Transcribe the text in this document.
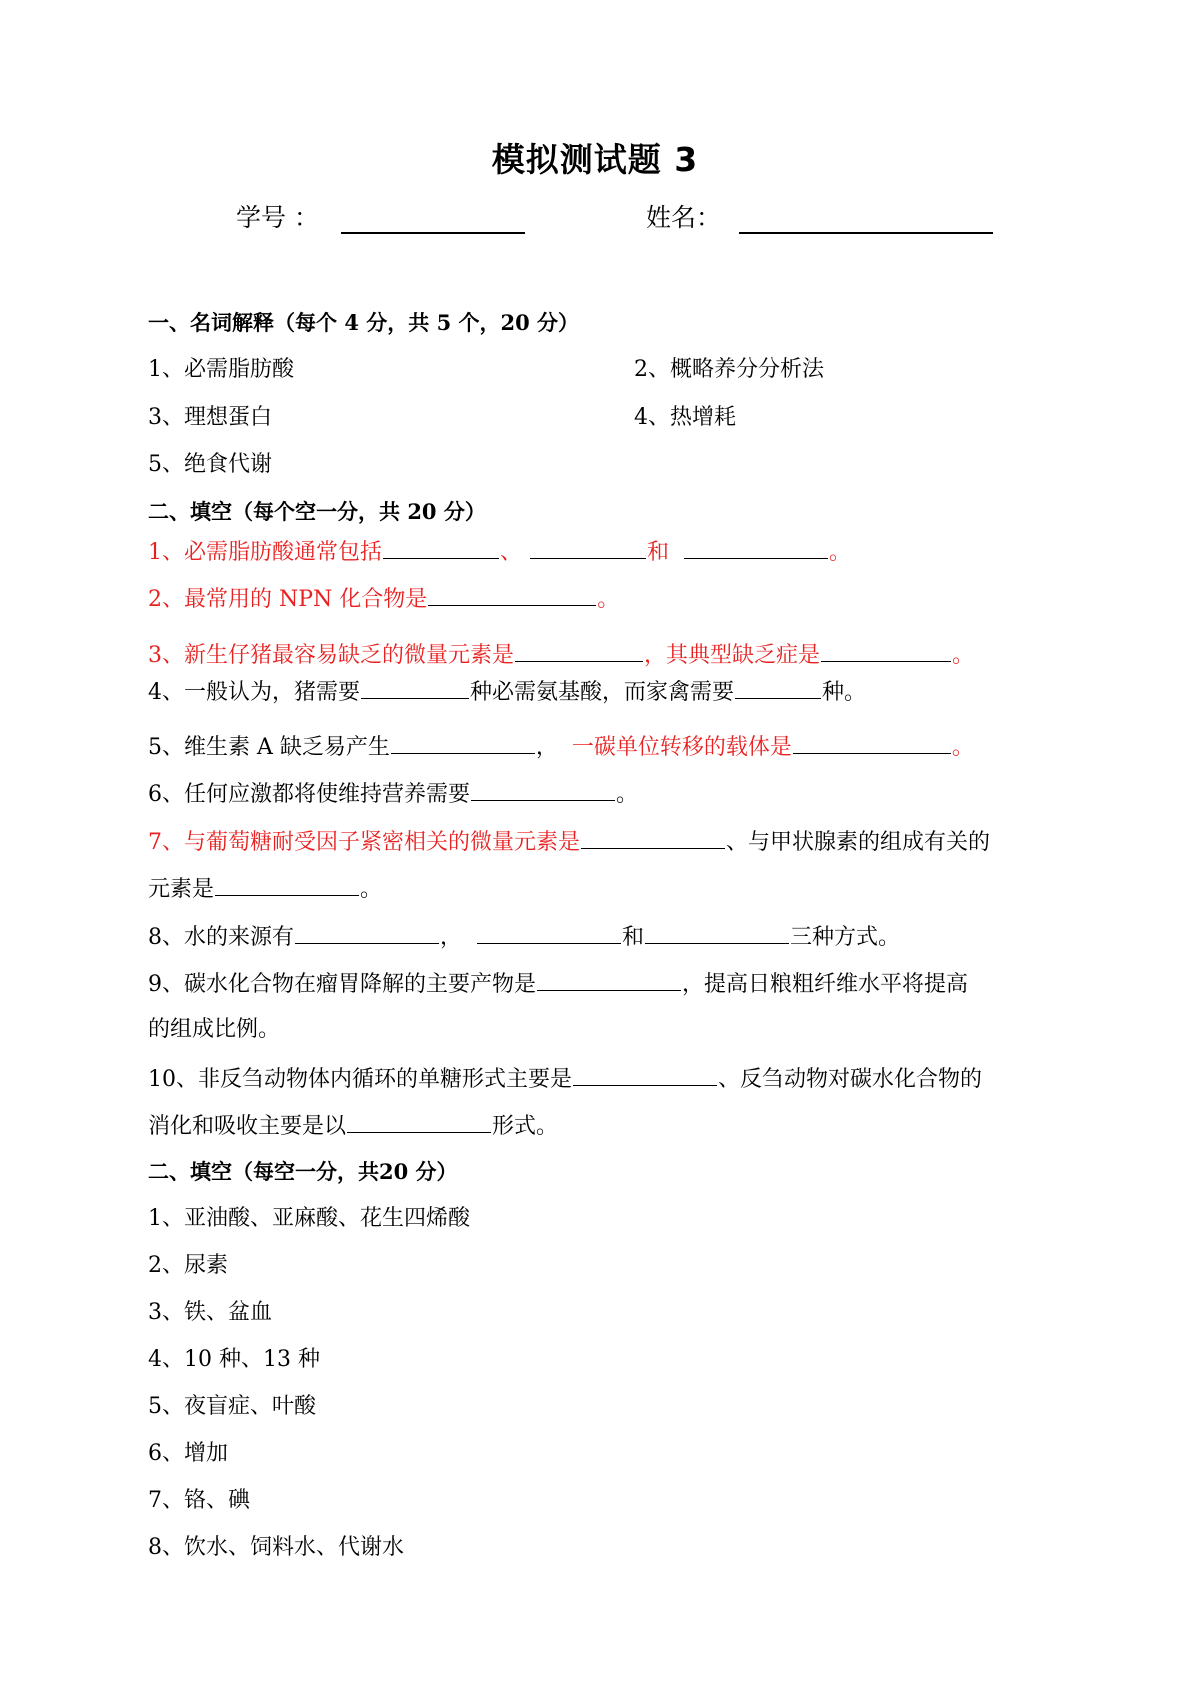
模拟测试题 3
学号 ：	姓名：
一、名词解释（每个 4 分，共 5 个，20 分）
1、必需脂肪酸	2、概略养分分析法
3、理想蛋白	4、热增耗
5、绝食代谢
二、填空（每个空一分，共 20 分）
1、必需脂肪酸通常包括	、	和	。
2、最常用的 NPN 化合物是	。
3、新生仔猪最容易缺乏的微量元素是	，其典型缺乏症是	。
4、一般认为，猪需要	种必需氨基酸，而家禽需要	种。
5、维生素 A 缺乏易产生	， 一碳单位转移的载体是	。
6、任何应激都将使维持营养需要	。
7、与葡萄糖耐受因子紧密相关的微量元素是	、与甲状腺素的组成有关的
元素是	。
8、水的来源有	，	和	三种方式。
9、碳水化合物在瘤胃降解的主要产物是	，提高日粮粗纤维水平将提高
的组成比例。
10、非反刍动物体内循环的单糖形式主要是	、反刍动物对碳水化合物的
消化和吸收主要是以	形式。
二、填空（每空一分，共20 分）
1、亚油酸、亚麻酸、花生四烯酸
2、尿素
3、铁、盆血
4、10 种、13 种
5、夜盲症、叶酸
6、增加
7、铬、碘
8、饮水、饲料水、代谢水
